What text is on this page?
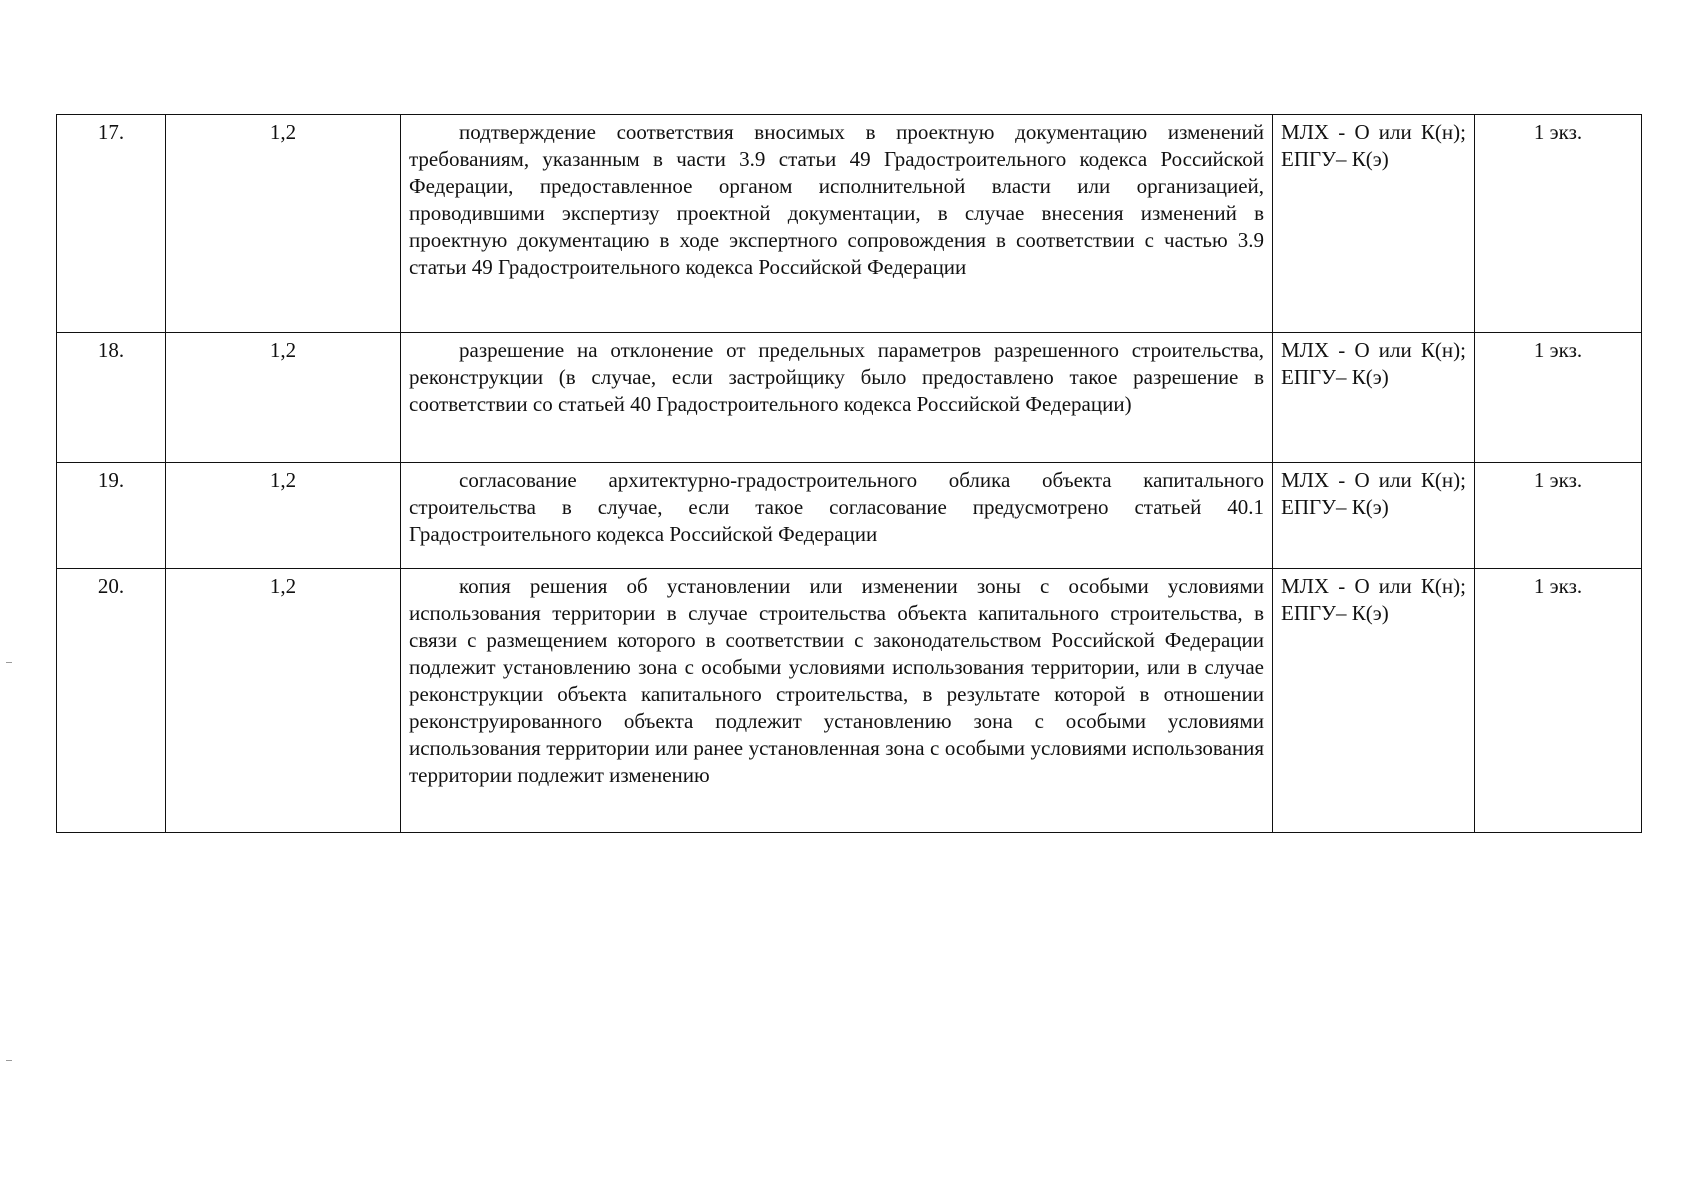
17.	1,2	подтверждение соответствия вносимых в проектную документацию изменений требованиям, указанным в части 3.9 статьи 49 Градостроительного кодекса Российской Федерации, предоставленное органом исполнительной власти или организацией, проводившими экспертизу проектной документации, в случае внесения изменений в проектную документацию в ходе экспертного сопровождения в соответствии с частью 3.9 статьи 49 Градостроительного кодекса Российской Федерации	МЛХ - О или К(н); ЕПГУ– К(э)	1 экз.
18.	1,2	разрешение на отклонение от предельных параметров разрешенного строительства, реконструкции (в случае, если застройщику было предоставлено такое разрешение в соответствии со статьей 40 Градостроительного кодекса Российской Федерации)	МЛХ - О или К(н); ЕПГУ– К(э)	1 экз.
19.	1,2	согласование архитектурно-градостроительного облика объекта капитального строительства в случае, если такое согласование предусмотрено статьей 40.1 Градостроительного кодекса Российской Федерации	МЛХ - О или К(н); ЕПГУ– К(э)	1 экз.
20.	1,2	копия решения об установлении или изменении зоны с особыми условиями использования территории в случае строительства объекта капитального строительства, в связи с размещением которого в соответствии с законодательством Российской Федерации подлежит установлению зона с особыми условиями использования территории, или в случае реконструкции объекта капитального строительства, в результате которой в отношении реконструированного объекта подлежит установлению зона с особыми условиями использования территории или ранее установленная зона с особыми условиями использования территории подлежит изменению	МЛХ - О или К(н); ЕПГУ– К(э)	1 экз.
